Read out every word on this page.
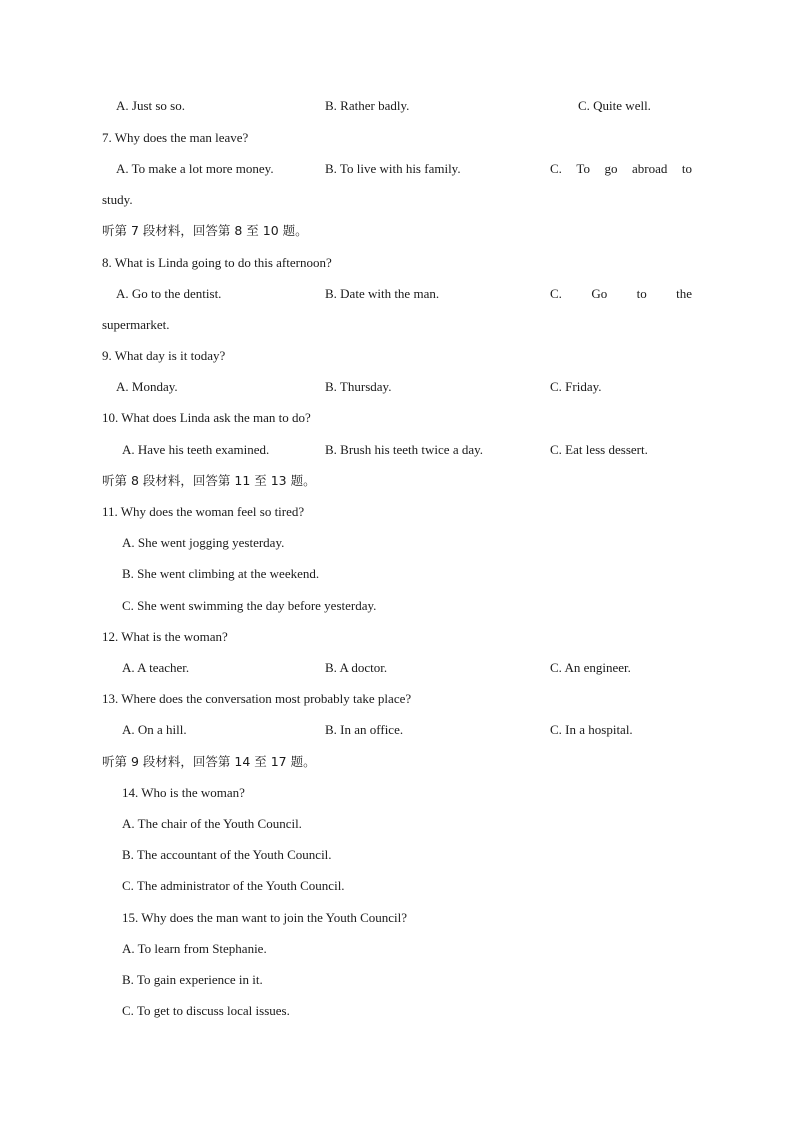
A. Just so so.	B. Rather badly.	C. Quite well.
7. Why does the man leave?
A. To make a lot more money.	B. To live with his family.	C. To go abroad to
study.
听第 7 段材料，回答第 8 至 10 题。
8. What is Linda going to do this afternoon?
A. Go to the dentist.	B. Date with the man.	C. Go to the
supermarket.
9. What day is it today?
A. Monday.	B. Thursday.	C. Friday.
10. What does Linda ask the man to do?
A. Have his teeth examined.	B. Brush his teeth twice a day.	C. Eat less dessert.
听第 8 段材料，回答第 11 至 13 题。
11. Why does the woman feel so tired?
A. She went jogging yesterday.
B. She went climbing at the weekend.
C. She went swimming the day before yesterday.
12. What is the woman?
A. A teacher.	B. A doctor.	C. An engineer.
13. Where does the conversation most probably take place?
A. On a hill.	B. In an office.	C. In a hospital.
听第 9 段材料，回答第 14 至 17 题。
14. Who is the woman?
A. The chair of the Youth Council.
B. The accountant of the Youth Council.
C. The administrator of the Youth Council.
15. Why does the man want to join the Youth Council?
A. To learn from Stephanie.
B. To gain experience in it.
C. To get to discuss local issues.
